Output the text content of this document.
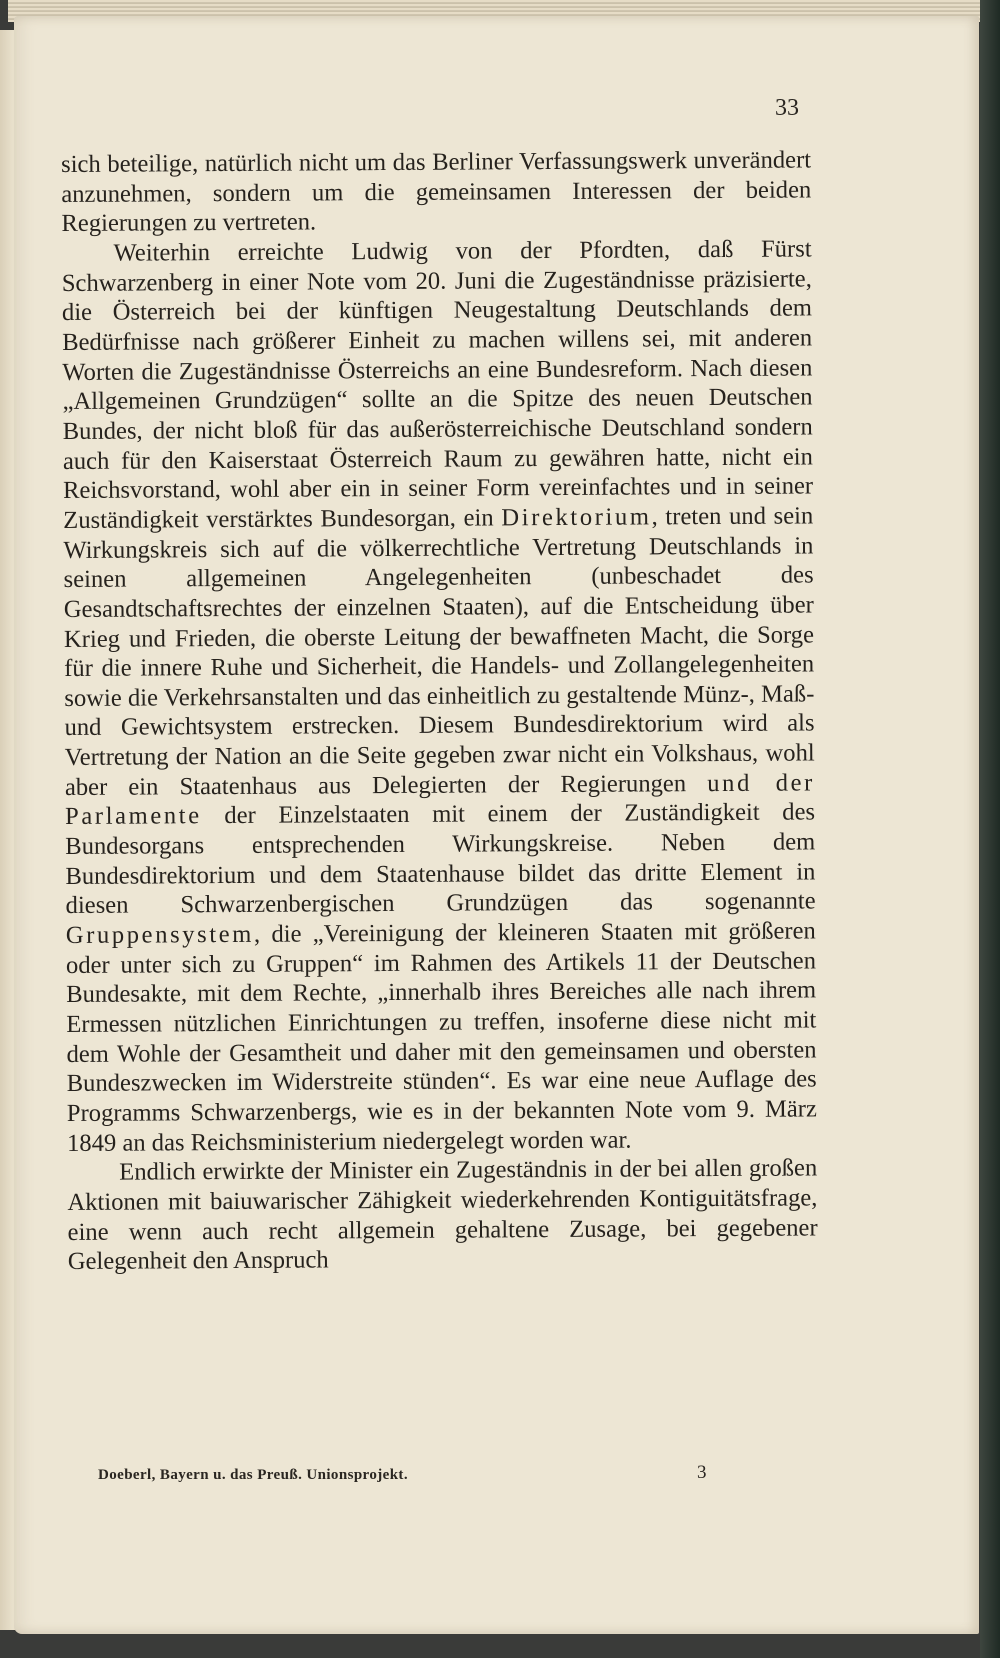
33

sich beteilige, natürlich nicht um das Berliner Verfassungswerk unverändert anzunehmen, sondern um die gemeinsamen Interessen der beiden Regierungen zu vertreten.

Weiterhin erreichte Ludwig von der Pfordten, daß Fürst Schwarzenberg in einer Note vom 20. Juni die Zugeständnisse präzisierte, die Österreich bei der künftigen Neugestaltung Deutschlands dem Bedürfnisse nach größerer Einheit zu machen willens sei, mit anderen Worten die Zugeständnisse Österreichs an eine Bundesreform. Nach diesen „Allgemeinen Grundzügen“ sollte an die Spitze des neuen Deutschen Bundes, der nicht bloß für das außerösterreichische Deutschland sondern auch für den Kaiserstaat Österreich Raum zu gewähren hatte, nicht ein Reichsvorstand, wohl aber ein in seiner Form vereinfachtes und in seiner Zuständigkeit verstärktes Bundesorgan, ein Direktorium, treten und sein Wirkungskreis sich auf die völkerrechtliche Vertretung Deutschlands in seinen allgemeinen Angelegenheiten (unbeschadet des Gesandtschaftsrechtes der einzelnen Staaten), auf die Entscheidung über Krieg und Frieden, die oberste Leitung der bewaffneten Macht, die Sorge für die innere Ruhe und Sicherheit, die Handels- und Zollangelegenheiten sowie die Verkehrsanstalten und das einheitlich zu gestaltende Münz-, Maß- und Gewichtsystem erstrecken. Diesem Bundesdirektorium wird als Vertretung der Nation an die Seite gegeben zwar nicht ein Volkshaus, wohl aber ein Staatenhaus aus Delegierten der Regierungen und der Parlamente der Einzelstaaten mit einem der Zuständigkeit des Bundesorgans entsprechenden Wirkungskreise. Neben dem Bundesdirektorium und dem Staatenhause bildet das dritte Element in diesen Schwarzenbergischen Grundzügen das sogenannte Gruppensystem, die „Vereinigung der kleineren Staaten mit größeren oder unter sich zu Gruppen“ im Rahmen des Artikels 11 der Deutschen Bundesakte, mit dem Rechte, „innerhalb ihres Bereiches alle nach ihrem Ermessen nützlichen Einrichtungen zu treffen, insoferne diese nicht mit dem Wohle der Gesamtheit und daher mit den gemeinsamen und obersten Bundeszwecken im Widerstreite stünden“. Es war eine neue Auflage des Programms Schwarzenbergs, wie es in der bekannten Note vom 9. März 1849 an das Reichsministerium niedergelegt worden war.

Endlich erwirkte der Minister ein Zugeständnis in der bei allen großen Aktionen mit baiuwarischer Zähigkeit wiederkehrenden Kontiguitätsfrage, eine wenn auch recht allgemein gehaltene Zusage, bei gegebener Gelegenheit den Anspruch

Doeberl, Bayern u. das Preuß. Unionsprojekt.	3
